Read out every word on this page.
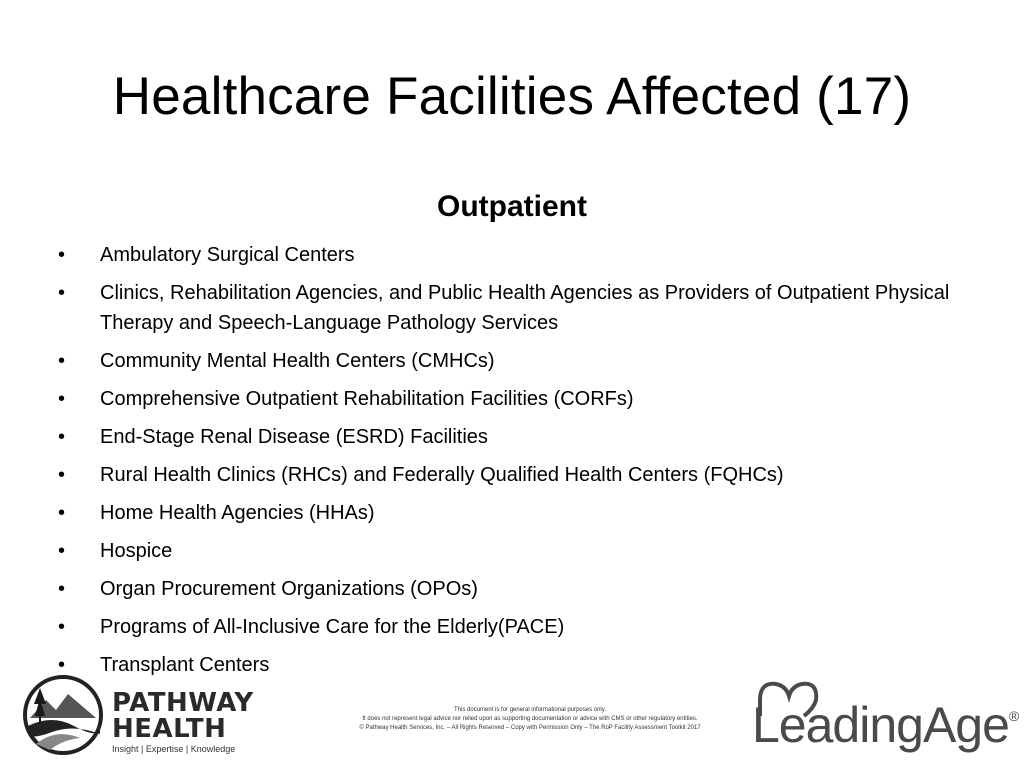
Healthcare Facilities Affected (17)
Outpatient
• Ambulatory Surgical Centers
• Clinics, Rehabilitation Agencies, and Public Health Agencies as Providers of Outpatient Physical Therapy and Speech-Language Pathology Services
• Community Mental Health Centers (CMHCs)
• Comprehensive Outpatient Rehabilitation Facilities (CORFs)
• End-Stage Renal Disease (ESRD) Facilities
• Rural Health Clinics (RHCs) and Federally Qualified Health Centers (FQHCs)
• Home Health Agencies (HHAs)
• Hospice
• Organ Procurement Organizations (OPOs)
• Programs of All-Inclusive Care for the Elderly(PACE)
• Transplant Centers
PATHWAY
HEALTH
Insight | Expertise | Knowledge
This document is for general informational purposes only.
It does not represent legal advice nor relied upon as supporting documentation or advice with CMS or other regulatory entities.
© Pathway Health Services, Inc. – All Rights Reserved – Copy with Permission Only – The RoP Facility Assessment Toolkit 2017	LeadingAge®
